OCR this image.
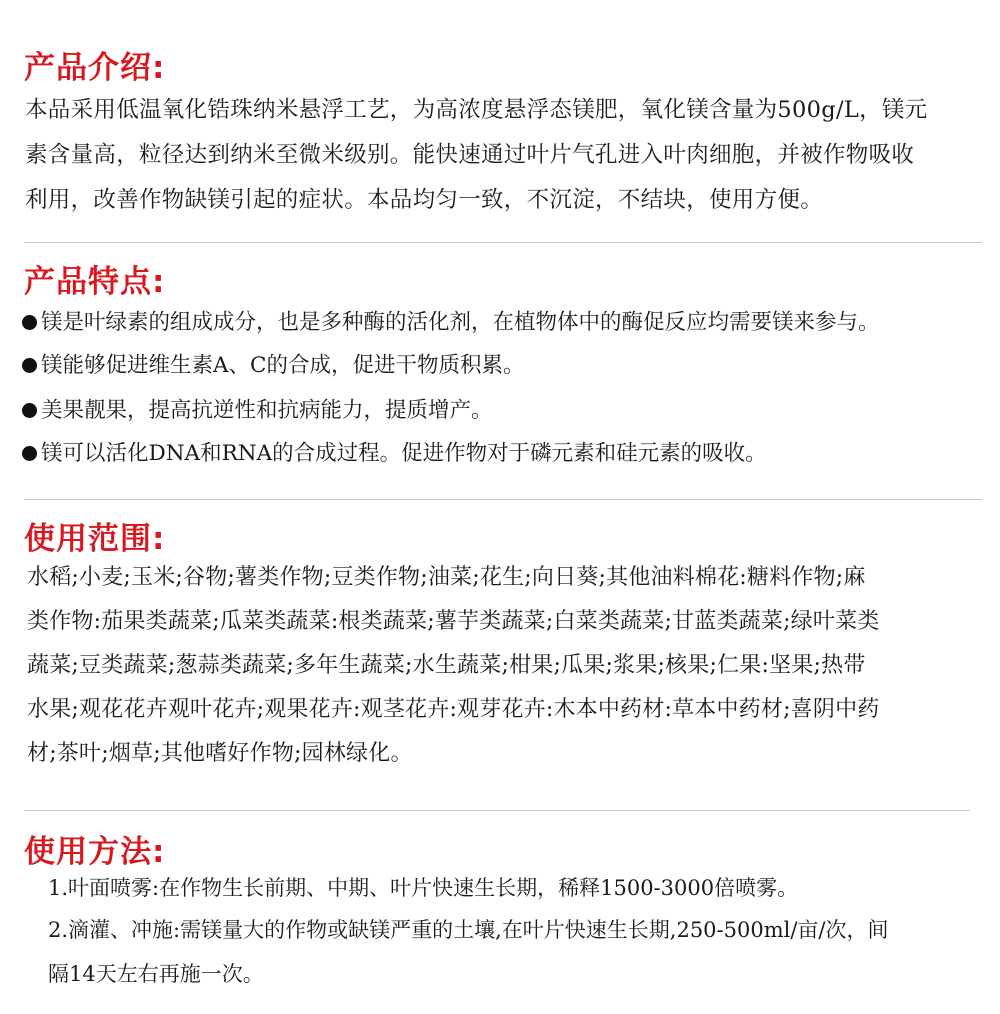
产品介绍:
本品采用低温氧化锆珠纳米悬浮工艺，为高浓度悬浮态镁肥，氧化镁含量为500g/L，镁元
素含量高，粒径达到纳米至微米级别。能快速通过叶片气孔进入叶肉细胞，并被作物吸收
利用，改善作物缺镁引起的症状。本品均匀一致，不沉淀，不结块，使用方便。
产品特点:
镁是叶绿素的组成成分，也是多种酶的活化剂，在植物体中的酶促反应均需要镁来参与。
镁能够促进维生素A、C的合成，促进干物质积累。
美果靓果，提高抗逆性和抗病能力，提质增产。
镁可以活化DNA和RNA的合成过程。促进作物对于磷元素和硅元素的吸收。
使用范围:
水稻;小麦;玉米;谷物;薯类作物;豆类作物;油菜;花生;向日葵;其他油料棉花:糖料作物;麻
类作物:茄果类蔬菜;瓜菜类蔬菜:根类蔬菜;薯芋类蔬菜;白菜类蔬菜;甘蓝类蔬菜;绿叶菜类
蔬菜;豆类蔬菜;葱蒜类蔬菜;多年生蔬菜;水生蔬菜;柑果;瓜果;浆果;核果;仁果:坚果;热带
水果;观花花卉观叶花卉;观果花卉:观茎花卉:观芽花卉:木本中药材:草本中药材;喜阴中药
材;茶叶;烟草;其他嗜好作物;园林绿化。
使用方法:
1.叶面喷雾:在作物生长前期、中期、叶片快速生长期，稀释1500-3000倍喷雾。
2.滴灌、冲施:需镁量大的作物或缺镁严重的土壤,在叶片快速生长期,250-500ml/亩/次，间
隔14天左右再施一次。
